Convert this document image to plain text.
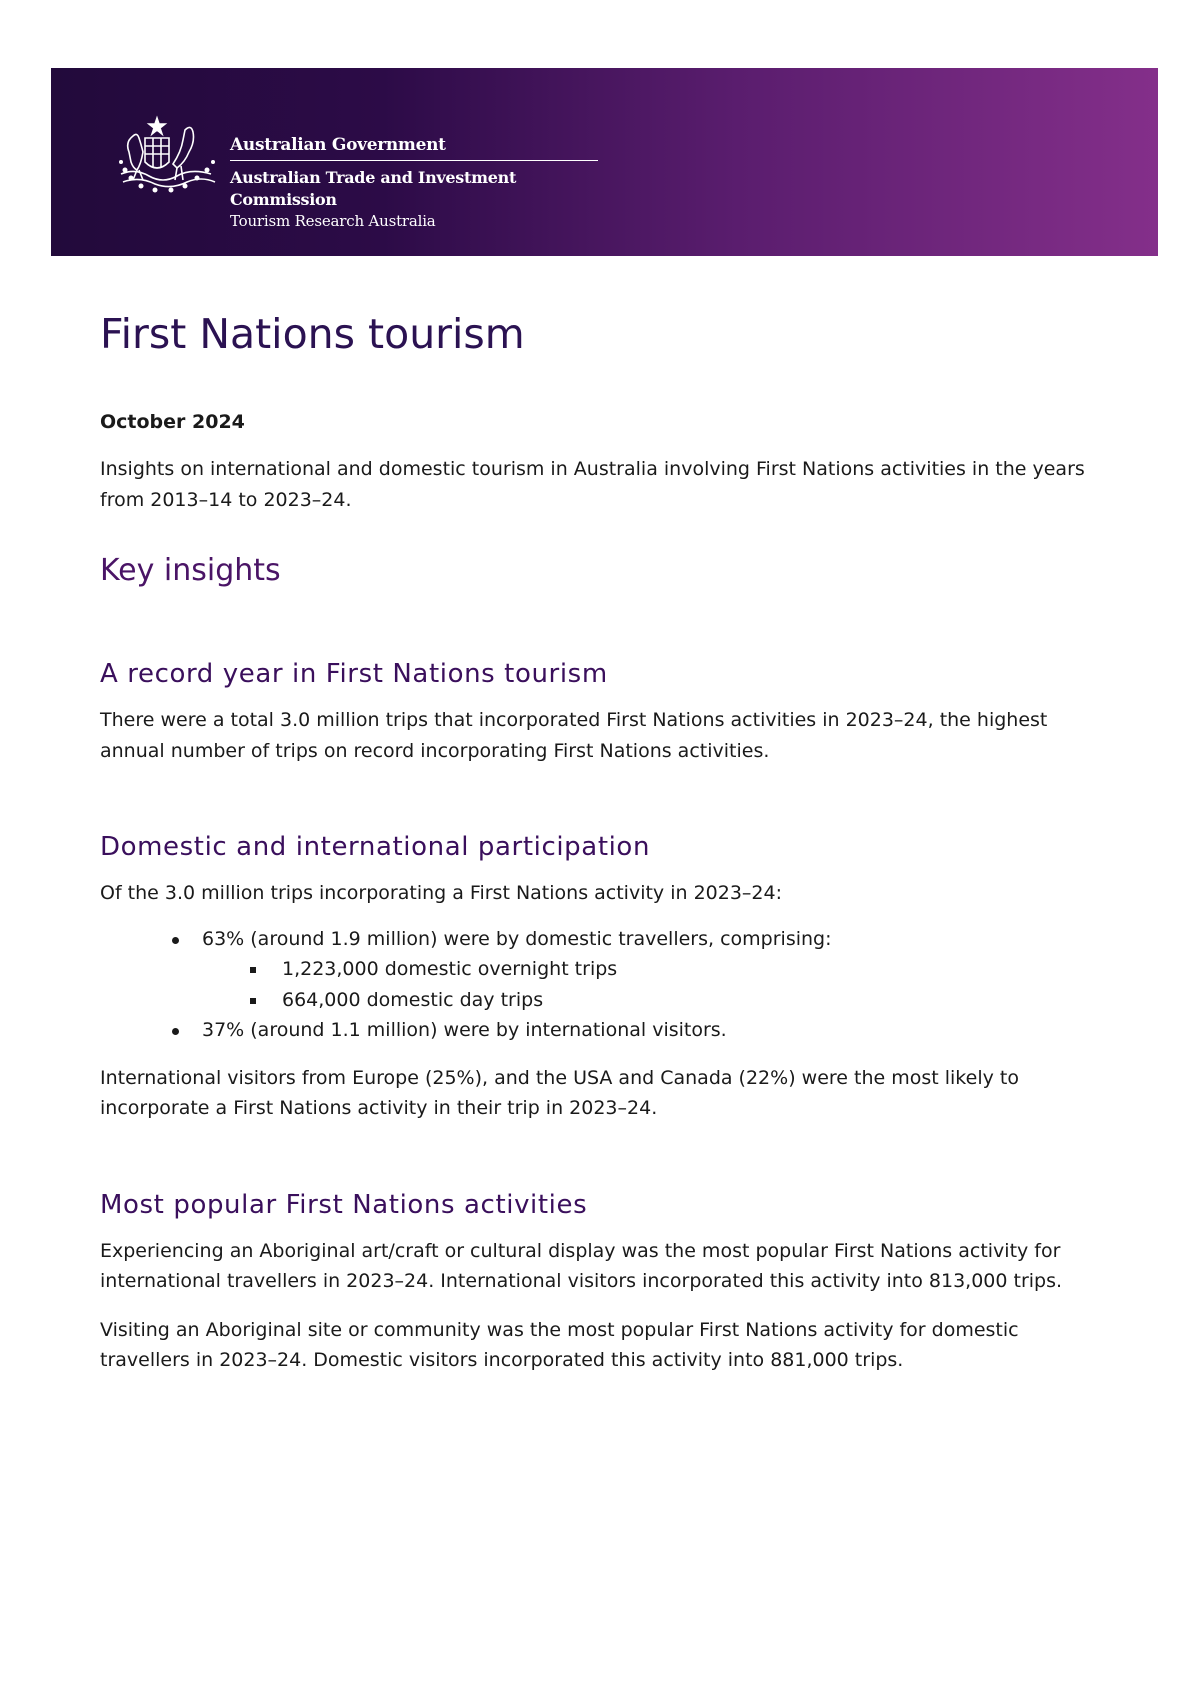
Australian Government
Australian Trade and Investment Commission
Tourism Research Australia
First Nations tourism

October 2024

Insights on international and domestic tourism in Australia involving First Nations activities in the years from 2013–14 to 2023–24.

Key insights
A record year in First Nations tourism

There were a total 3.0 million trips that incorporated First Nations activities in 2023–24, the highest annual number of trips on record incorporating First Nations activities.

Domestic and international participation

Of the 3.0 million trips incorporating a First Nations activity in 2023–24:

63% (around 1.9 million) were by domestic travellers, comprising:
1,223,000 domestic overnight trips
664,000 domestic day trips
37% (around 1.1 million) were by international visitors.

International visitors from Europe (25%), and the USA and Canada (22%) were the most likely to incorporate a First Nations activity in their trip in 2023–24.

Most popular First Nations activities

Experiencing an Aboriginal art/craft or cultural display was the most popular First Nations activity for international travellers in 2023–24. International visitors incorporated this activity into 813,000 trips.

Visiting an Aboriginal site or community was the most popular First Nations activity for domestic travellers in 2023–24. Domestic visitors incorporated this activity into 881,000 trips.
